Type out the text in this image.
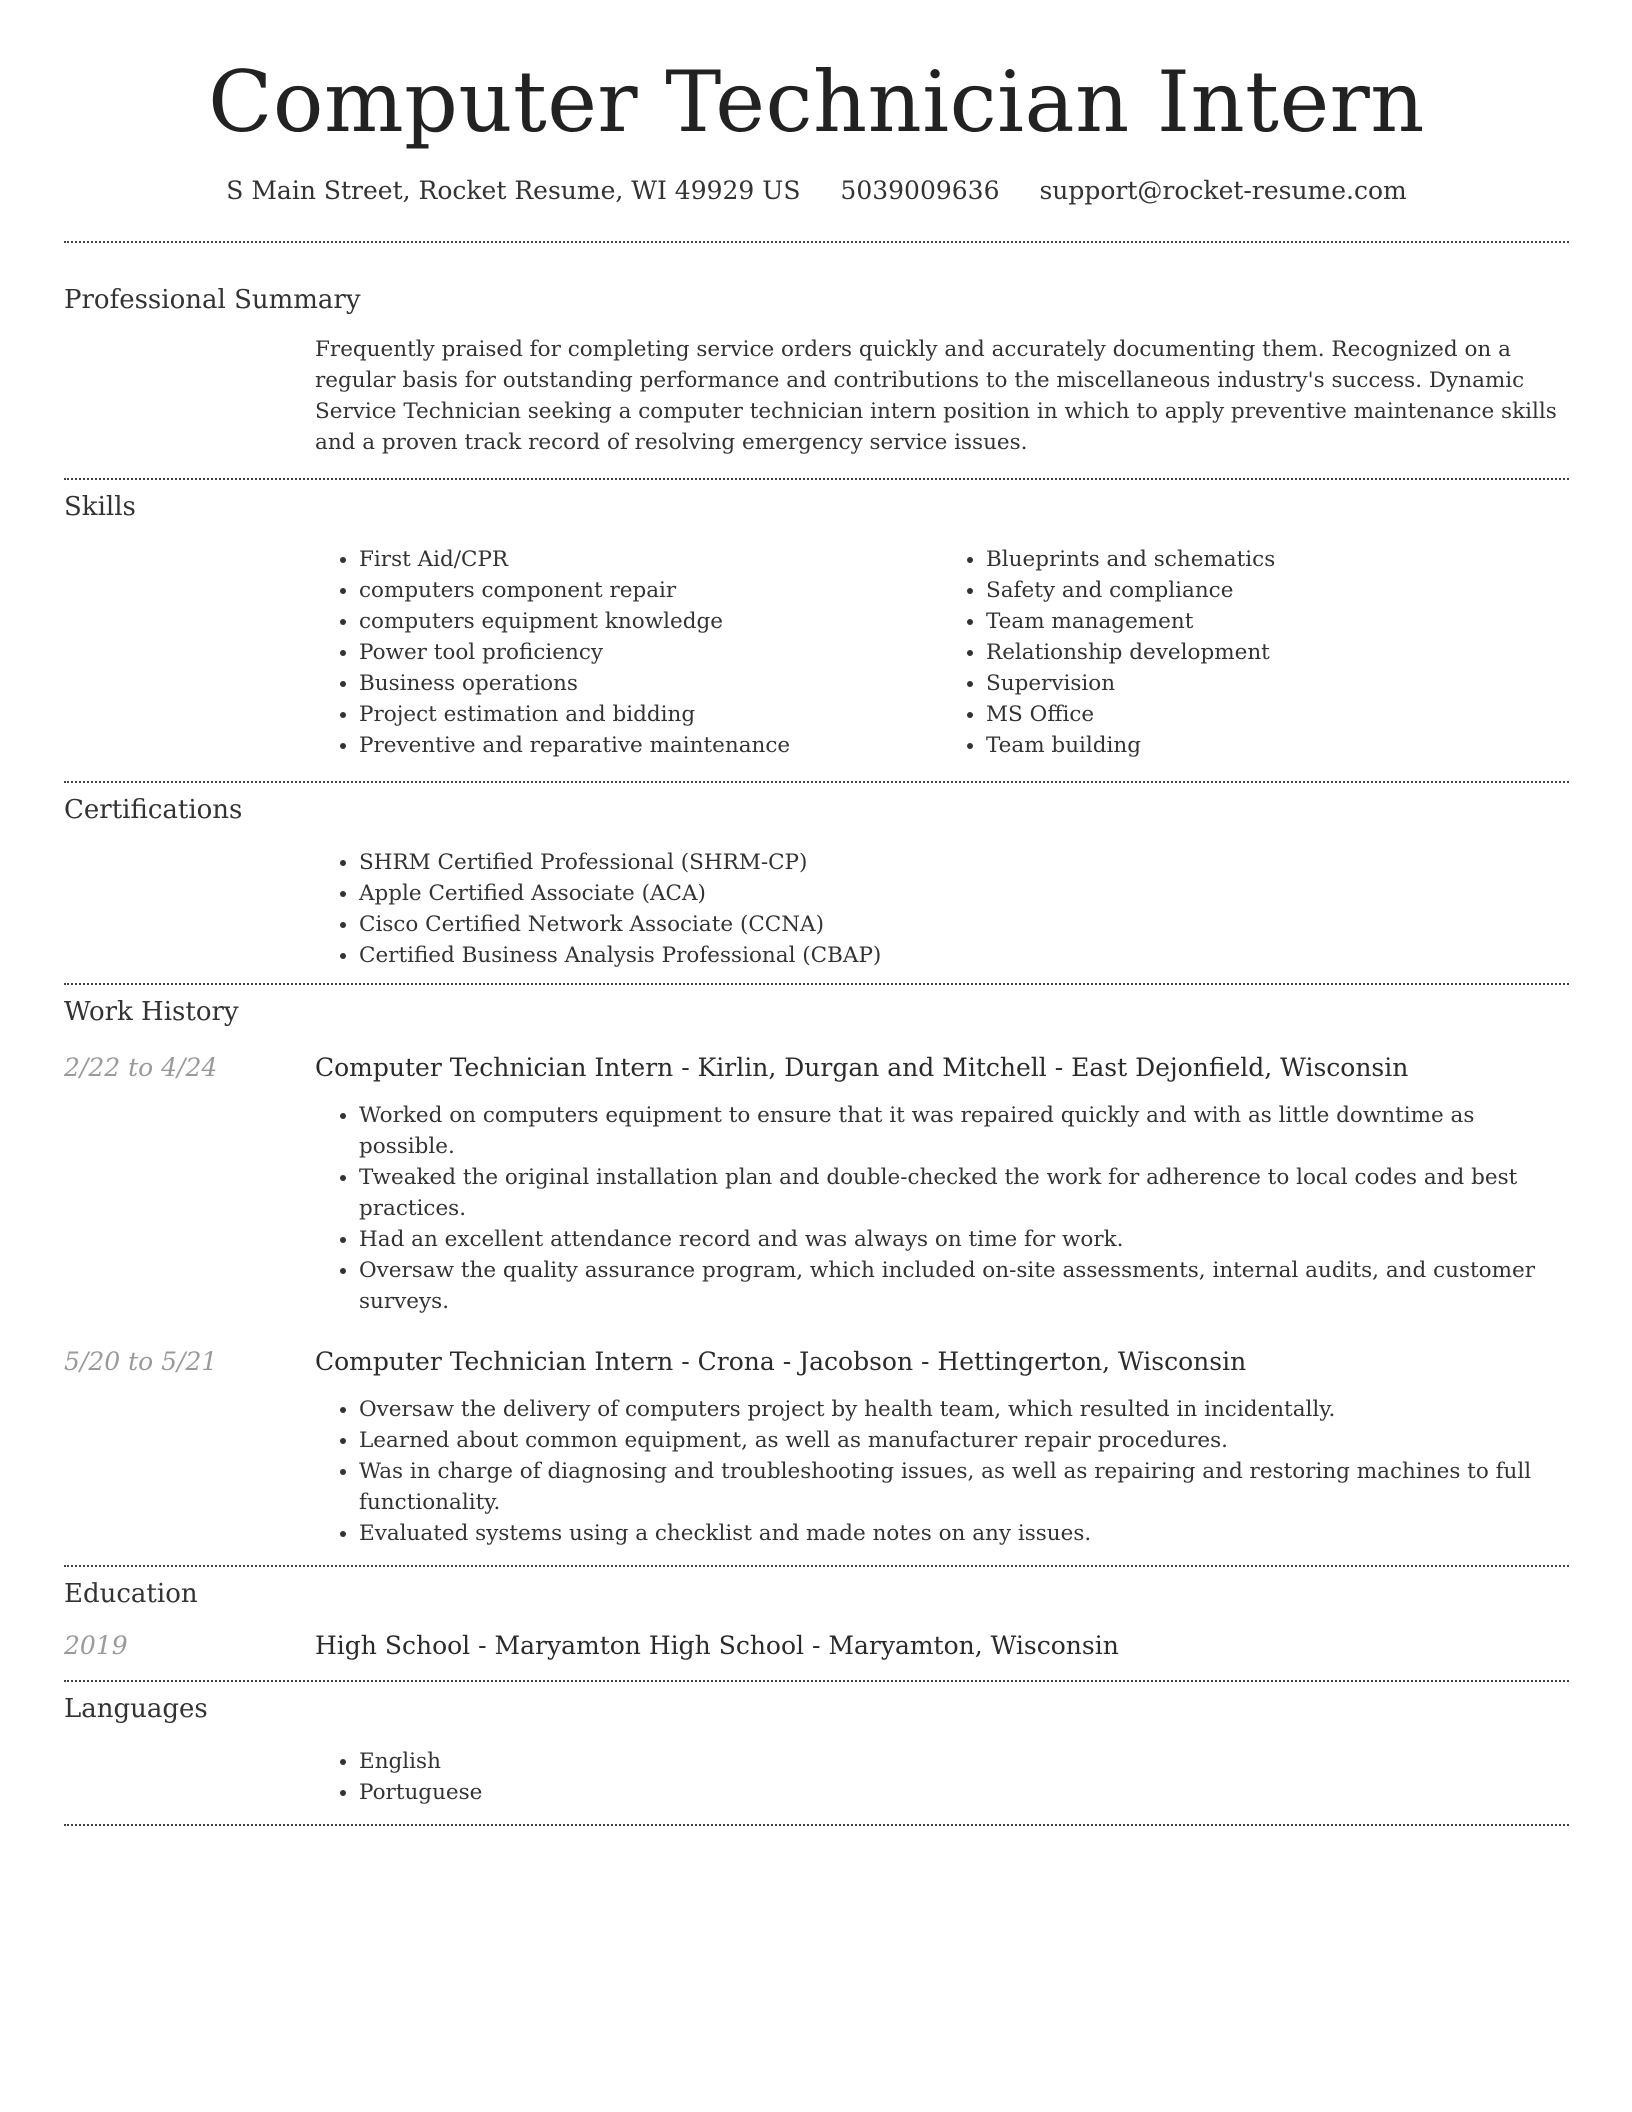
Computer Technician Intern
S Main Street, Rocket Resume, WI 49929 US 5039009636 support@rocket-resume.com
Professional Summary
Frequently praised for completing service orders quickly and accurately documenting them. Recognized on a regular basis for outstanding performance and contributions to the miscellaneous industry's success. Dynamic Service Technician seeking a computer technician intern position in which to apply preventive maintenance skills and a proven track record of resolving emergency service issues.
Skills
• First Aid/CPR
• computers component repair
• computers equipment knowledge
• Power tool proficiency
• Business operations
• Project estimation and bidding
• Preventive and reparative maintenance
• Blueprints and schematics
• Safety and compliance
• Team management
• Relationship development
• Supervision
• MS Office
• Team building
Certifications
• SHRM Certified Professional (SHRM-CP)
• Apple Certified Associate (ACA)
• Cisco Certified Network Associate (CCNA)
• Certified Business Analysis Professional (CBAP)
Work History
2/22 to 4/24	Computer Technician Intern - Kirlin, Durgan and Mitchell - East Dejonfield, Wisconsin
• Worked on computers equipment to ensure that it was repaired quickly and with as little downtime as possible.
• Tweaked the original installation plan and double-checked the work for adherence to local codes and best practices.
• Had an excellent attendance record and was always on time for work.
• Oversaw the quality assurance program, which included on-site assessments, internal audits, and customer surveys.
5/20 to 5/21	Computer Technician Intern - Crona - Jacobson - Hettingerton, Wisconsin
• Oversaw the delivery of computers project by health team, which resulted in incidentally.
• Learned about common equipment, as well as manufacturer repair procedures.
• Was in charge of diagnosing and troubleshooting issues, as well as repairing and restoring machines to full functionality.
• Evaluated systems using a checklist and made notes on any issues.
Education
2019	High School - Maryamton High School - Maryamton, Wisconsin
Languages
• English
• Portuguese
